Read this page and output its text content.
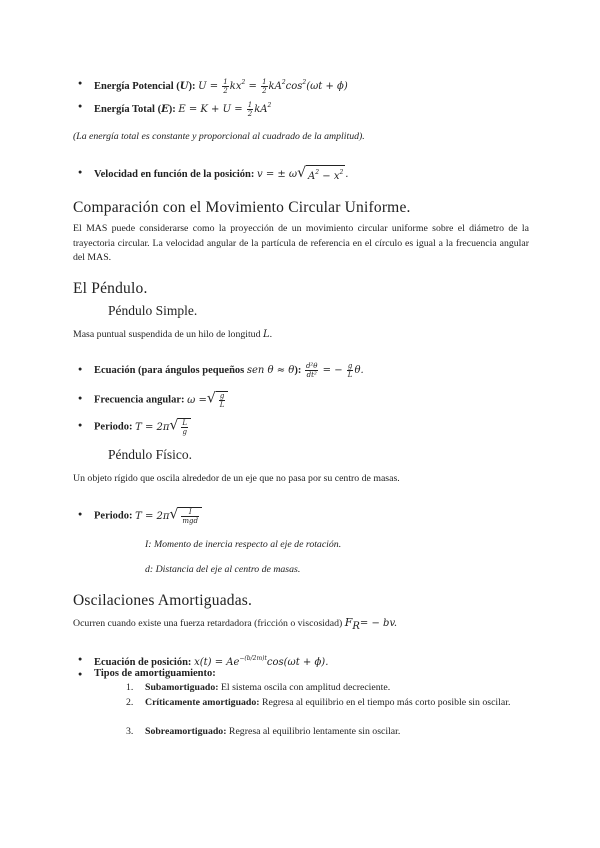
● Energía Potencial (U): $U = \frac{1}{2} kx^2 = \frac{1}{2} kA^2\cos^2(\omega t + \phi)$
● Energía Total (E): $E = K + U = \frac{1}{2} kA^2$
(La energía total es constante y proporcional al cuadrado de la amplitud).
● Velocidad en función de la posición: v = ± ω√ $A^2 - x^2$ .
Comparación con el Movimiento Circular Uniforme.
El MAS puede considerarse como la proyección de un movimiento circular uniforme sobre el diámetro de la trayectoria circular. La velocidad angular de la partícula de referencia en el círculo es igual a la frecuencia angular del MAS.
El Péndulo.
Péndulo Simple.
Masa puntual suspendida de un hilo de longitud L.
● Ecuación (para ángulos pequeños sen θ ≈ θ): $\frac{\text{d²θ}}{\text{dt²}}$ = − $\frac{g}{L} \theta$.
● Frecuencia angular: ω =√ $\frac{g}{L}$
● Periodo: $T = 2\pi√ \frac{L}{g}$
Péndulo Físico.
Un objeto rígido que oscila alrededor de un eje que no pasa por su centro de masas.
● Periodo: $T = 2\pi√ \frac{I}{\text{mgd}}$
I: Momento de inercia respecto al eje de rotación.
d: Distancia del eje al centro de masas.
Oscilaciones Amortiguadas.
Ocurren cuando existe una fuerza retardadora (fricción o viscosidad) $F_R=$ − bv.
● Ecuación de posición: $x(t) = Ae^{-(b/2m)t}\cos(\omega t + \phi)$.
● Tipos de amortiguamiento:
1. Subamortiguado: El sistema oscila con amplitud decreciente.
2. Críticamente amortiguado: Regresa al equilibrio en el tiempo más corto posible sin oscilar.
3. Sobreamortiguado: Regresa al equilibrio lentamente sin oscilar.
